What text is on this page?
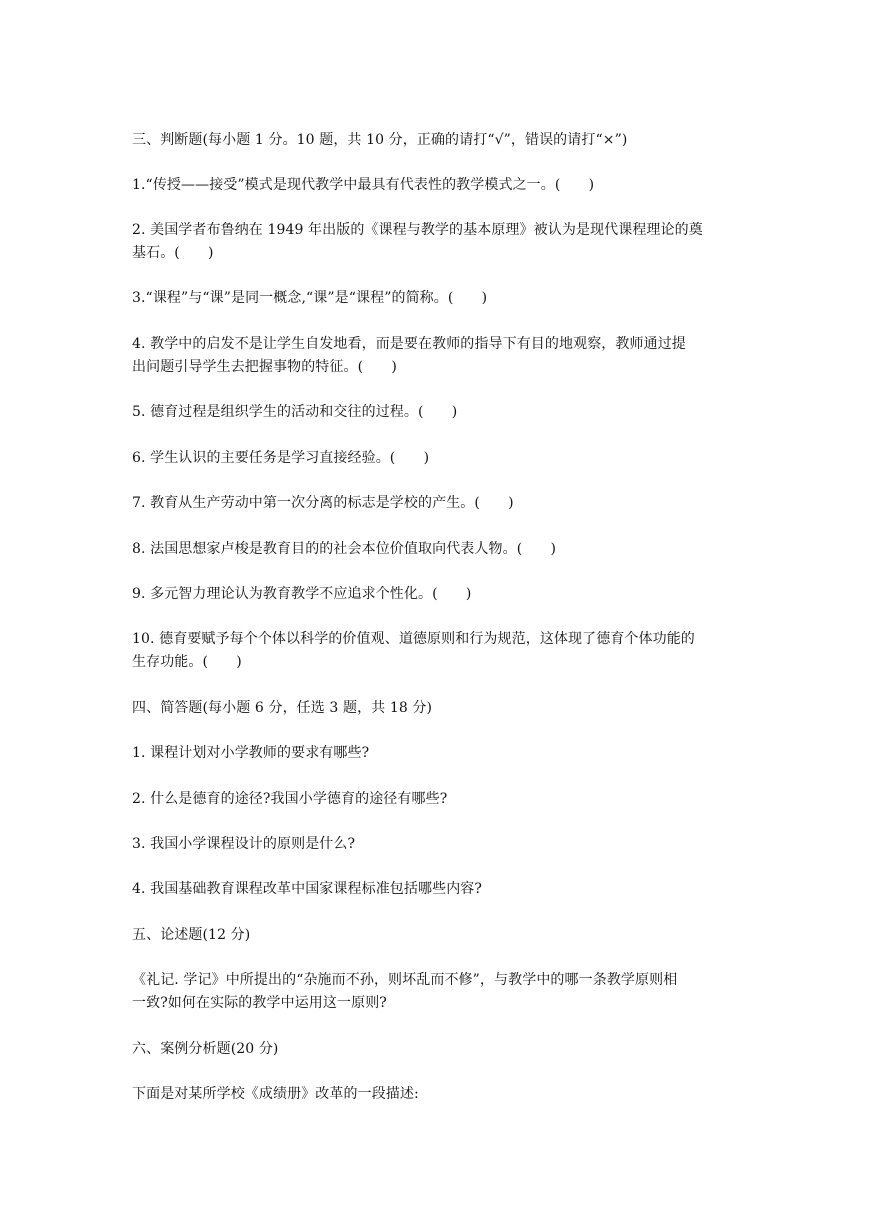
三、判断题(每小题 1 分。10 题，共 10 分，正确的请打“√”，错误的请打“×”)
1.“传授——接受”模式是现代教学中最具有代表性的教学模式之一。(　　)
2. 美国学者布鲁纳在 1949 年出版的《课程与教学的基本原理》被认为是现代课程理论的奠
基石。(　　)
3.“课程”与“课”是同一概念,“课”是“课程”的简称。(　　)
4. 教学中的启发不是让学生自发地看，而是要在教师的指导下有目的地观察，教师通过提
出问题引导学生去把握事物的特征。(　　)
5. 德育过程是组织学生的活动和交往的过程。(　　)
6. 学生认识的主要任务是学习直接经验。(　　)
7. 教育从生产劳动中第一次分离的标志是学校的产生。(　　)
8. 法国思想家卢梭是教育目的的社会本位价值取向代表人物。(　　)
9. 多元智力理论认为教育教学不应追求个性化。(　　)
10. 德育要赋予每个个体以科学的价值观、道德原则和行为规范，这体现了德育个体功能的
生存功能。(　　)
四、简答题(每小题 6 分，任选 3 题，共 18 分)
1. 课程计划对小学教师的要求有哪些?
2. 什么是德育的途径?我国小学德育的途径有哪些?
3. 我国小学课程设计的原则是什么?
4. 我国基础教育课程改革中国家课程标准包括哪些内容?
五、论述题(12 分)
《礼记. 学记》中所提出的“杂施而不孙，则坏乱而不修”，与教学中的哪一条教学原则相
一致?如何在实际的教学中运用这一原则?
六、案例分析题(20 分)
下面是对某所学校《成绩册》改革的一段描述:
